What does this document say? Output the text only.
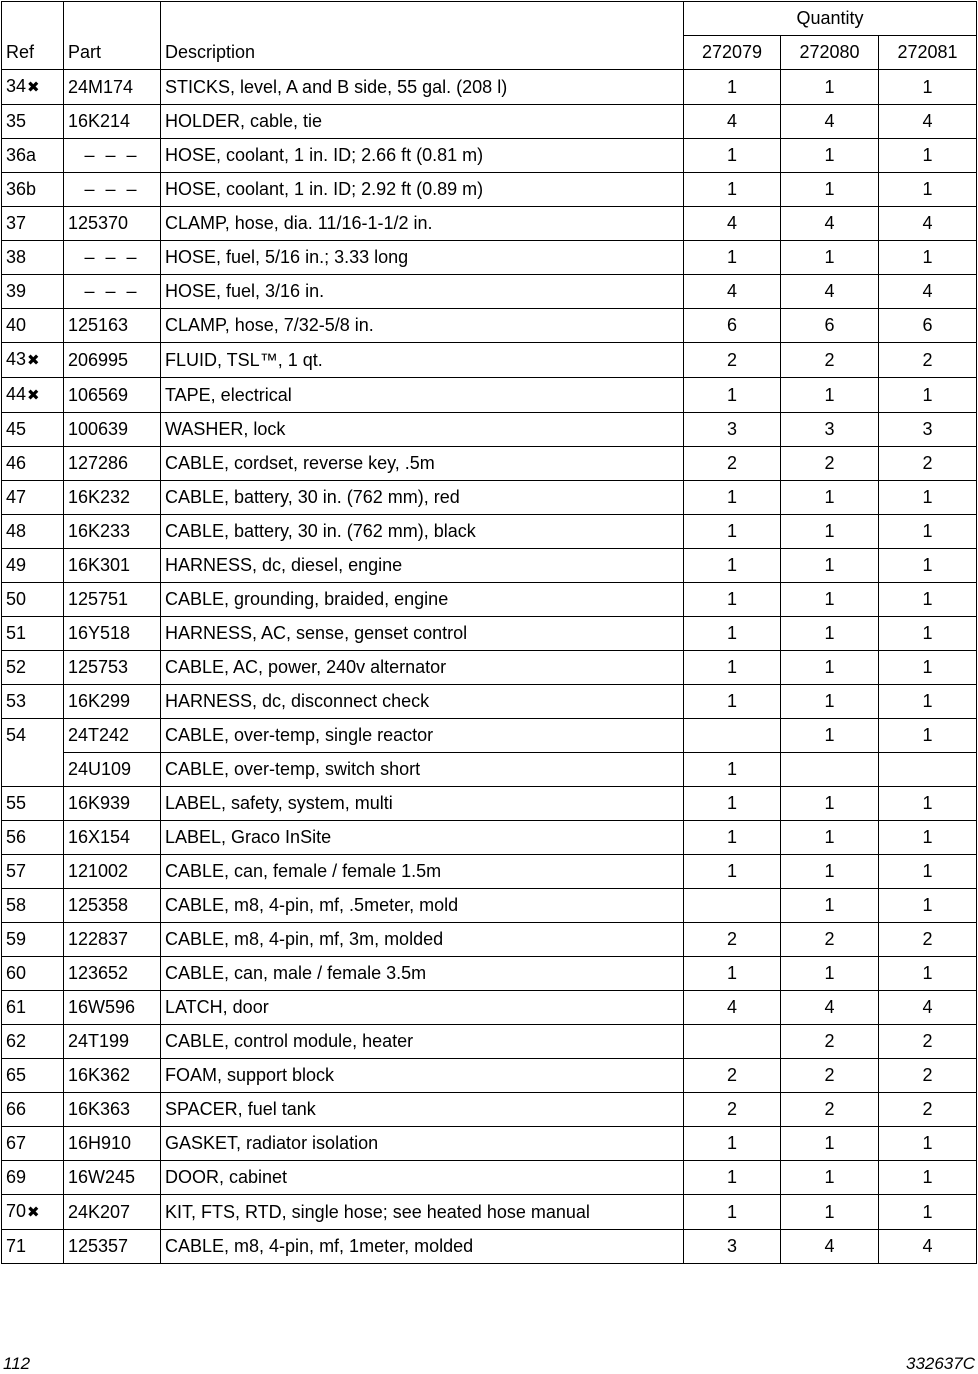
Ref	Part	Description	Quantity		
			272079	272080	272081
34✖	24M174	STICKS, level, A and B side, 55 gal. (208 l)	1	1	1
35	16K214	HOLDER, cable, tie	4	4	4
36a	– – –	HOSE, coolant, 1 in. ID; 2.66 ft (0.81 m)	1	1	1
36b	– – –	HOSE, coolant, 1 in. ID; 2.92 ft (0.89 m)	1	1	1
37	125370	CLAMP, hose, dia. 11/16-1-1/2 in.	4	4	4
38	– – –	HOSE, fuel, 5/16 in.; 3.33 long	1	1	1
39	– – –	HOSE, fuel, 3/16 in.	4	4	4
40	125163	CLAMP, hose, 7/32-5/8 in.	6	6	6
43✖	206995	FLUID, TSL™, 1 qt.	2	2	2
44✖	106569	TAPE, electrical	1	1	1
45	100639	WASHER, lock	3	3	3
46	127286	CABLE, cordset, reverse key, .5m	2	2	2
47	16K232	CABLE, battery, 30 in. (762 mm), red	1	1	1
48	16K233	CABLE, battery, 30 in. (762 mm), black	1	1	1
49	16K301	HARNESS, dc, diesel, engine	1	1	1
50	125751	CABLE, grounding, braided, engine	1	1	1
51	16Y518	HARNESS, AC, sense, genset control	1	1	1
52	125753	CABLE, AC, power, 240v alternator	1	1	1
53	16K299	HARNESS, dc, disconnect check	1	1	1
54	24T242	CABLE, over-temp, single reactor		1	1
	24U109	CABLE, over-temp, switch short	1		
55	16K939	LABEL, safety, system, multi	1	1	1
56	16X154	LABEL, Graco InSite	1	1	1
57	121002	CABLE, can, female / female 1.5m	1	1	1
58	125358	CABLE, m8, 4-pin, mf, .5meter, mold		1	1
59	122837	CABLE, m8, 4-pin, mf, 3m, molded	2	2	2
60	123652	CABLE, can, male / female 3.5m	1	1	1
61	16W596	LATCH, door	4	4	4
62	24T199	CABLE, control module, heater		2	2
65	16K362	FOAM, support block	2	2	2
66	16K363	SPACER, fuel tank	2	2	2
67	16H910	GASKET, radiator isolation	1	1	1
69	16W245	DOOR, cabinet	1	1	1
70✖	24K207	KIT, FTS, RTD, single hose; see heated hose manual	1	1	1
71	125357	CABLE, m8, 4-pin, mf, 1meter, molded	3	4	4
112	332637C
